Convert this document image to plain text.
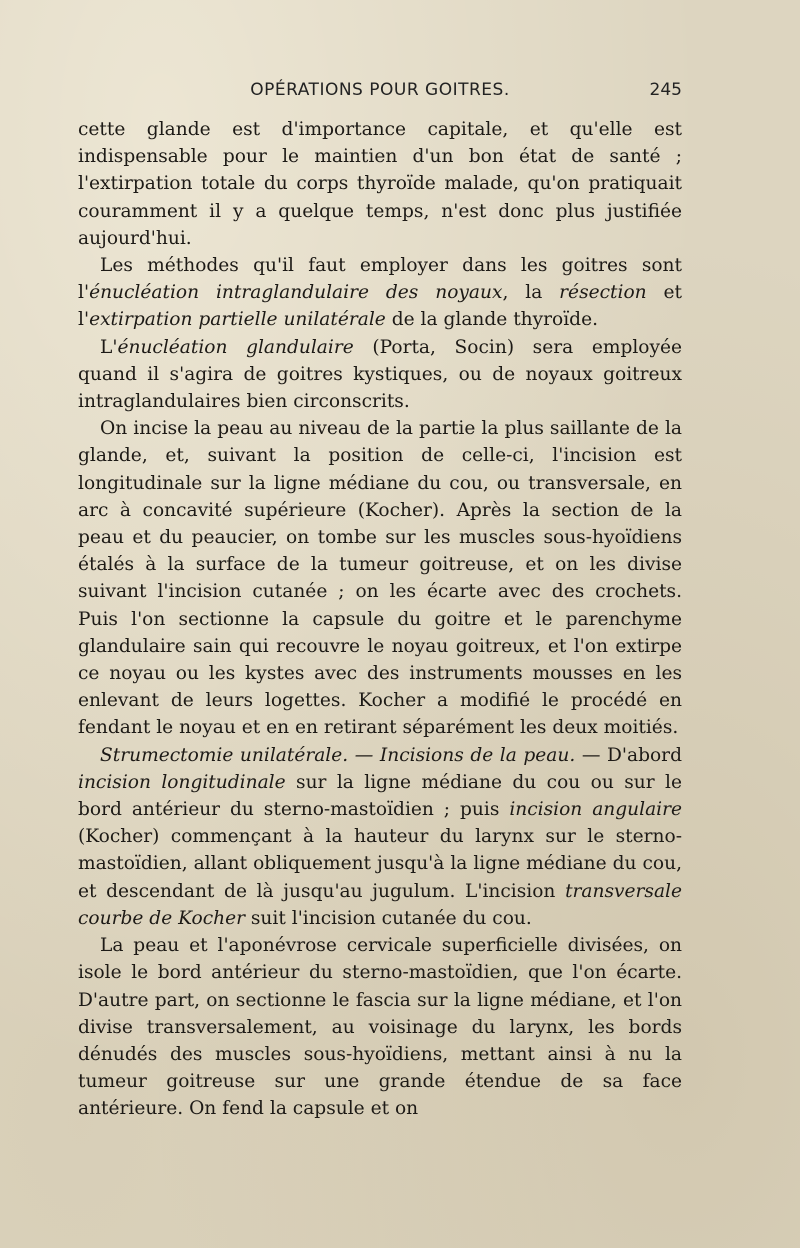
OPÉRATIONS POUR GOITRES.	245

cette glande est d'importance capitale, et qu'elle est indispensable pour le maintien d'un bon état de santé ; l'extirpation totale du corps thyroïde malade, qu'on pratiquait couramment il y a quelque temps, n'est donc plus justifiée aujourd'hui.

Les méthodes qu'il faut employer dans les goitres sont l'énucléation intraglandulaire des noyaux, la résection et l'extirpation partielle unilatérale de la glande thyroïde.

L'énucléation glandulaire (Porta, Socin) sera employée quand il s'agira de goitres kystiques, ou de noyaux goitreux intraglandulaires bien circonscrits.

On incise la peau au niveau de la partie la plus saillante de la glande, et, suivant la position de celle-ci, l'incision est longitudinale sur la ligne médiane du cou, ou transversale, en arc à concavité supérieure (Kocher). Après la section de la peau et du peaucier, on tombe sur les muscles sous-hyoïdiens étalés à la surface de la tumeur goitreuse, et on les divise suivant l'incision cutanée ; on les écarte avec des crochets. Puis l'on sectionne la capsule du goitre et le parenchyme glandulaire sain qui recouvre le noyau goitreux, et l'on extirpe ce noyau ou les kystes avec des instruments mousses en les enlevant de leurs logettes. Kocher a modifié le procédé en fendant le noyau et en en retirant séparément les deux moitiés.

Strumectomie unilatérale. — Incisions de la peau. — D'abord incision longitudinale sur la ligne médiane du cou ou sur le bord antérieur du sterno-mastoïdien ; puis incision angulaire (Kocher) commençant à la hauteur du larynx sur le sterno-mastoïdien, allant obliquement jusqu'à la ligne médiane du cou, et descendant de là jusqu'au jugulum. L'incision transversale courbe de Kocher suit l'incision cutanée du cou.

La peau et l'aponévrose cervicale superficielle divisées, on isole le bord antérieur du sterno-mastoïdien, que l'on écarte. D'autre part, on sectionne le fascia sur la ligne médiane, et l'on divise transversalement, au voisinage du larynx, les bords dénudés des muscles sous-hyoïdiens, mettant ainsi à nu la tumeur goitreuse sur une grande étendue de sa face antérieure. On fend la capsule et on
